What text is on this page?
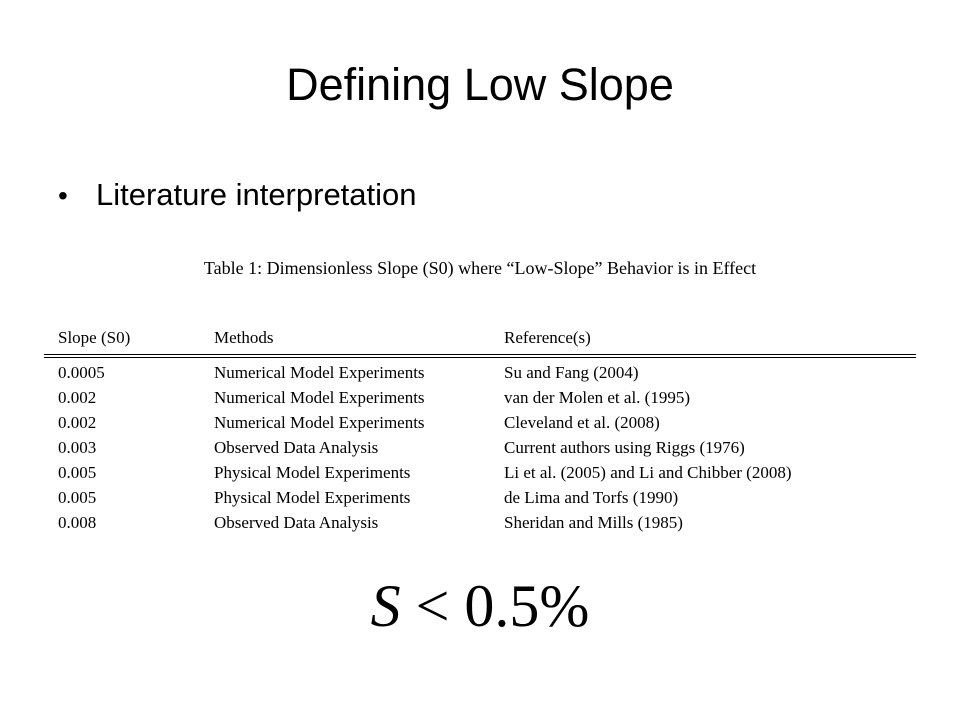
Defining Low Slope
• Literature interpretation
Table 1: Dimensionless Slope (S0) where “Low-Slope” Behavior is in Effect
Slope (S0)	Methods	Reference(s)
0.0005	Numerical Model Experiments	Su and Fang (2004)
0.002	Numerical Model Experiments	van der Molen et al. (1995)
0.002	Numerical Model Experiments	Cleveland et al. (2008)
0.003	Observed Data Analysis	Current authors using Riggs (1976)
0.005	Physical Model Experiments	Li et al. (2005) and Li and Chibber (2008)
0.005	Physical Model Experiments	de Lima and Torfs (1990)
0.008	Observed Data Analysis	Sheridan and Mills (1985)
S < 0.5%
